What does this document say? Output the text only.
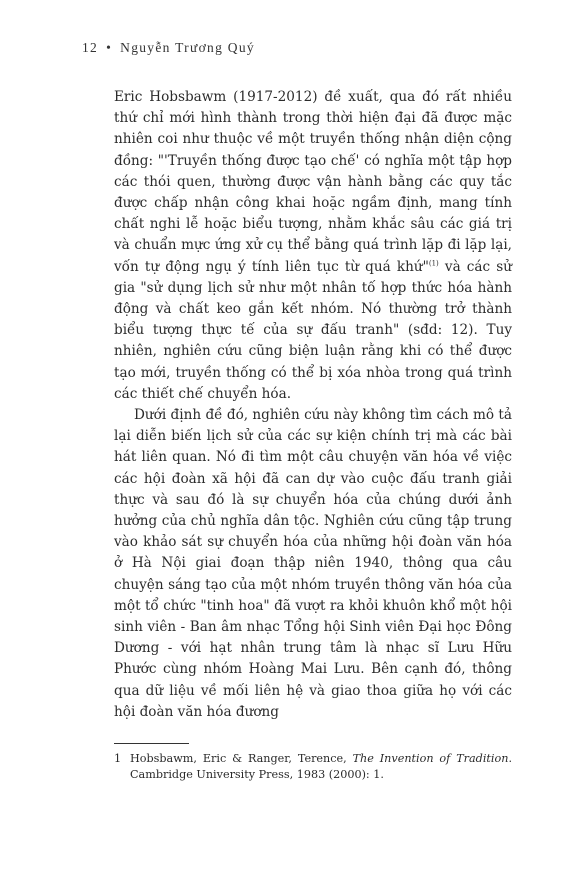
12 • Nguyễn Trương Quý

Eric Hobsbawm (1917-2012) đề xuất, qua đó rất nhiều thứ chỉ mới hình thành trong thời hiện đại đã được mặc nhiên coi như thuộc về một truyền thống nhận diện cộng đồng: "'Truyền thống được tạo chế' có nghĩa một tập hợp các thói quen, thường được vận hành bằng các quy tắc được chấp nhận công khai hoặc ngầm định, mang tính chất nghi lễ hoặc biểu tượng, nhằm khắc sâu các giá trị và chuẩn mực ứng xử cụ thể bằng quá trình lặp đi lặp lại, vốn tự động ngụ ý tính liên tục từ quá khứ"$^{(1)}$ và các sử gia "sử dụng lịch sử như một nhân tố hợp thức hóa hành động và chất keo gắn kết nhóm. Nó thường trở thành biểu tượng thực tế của sự đấu tranh" (sđd: 12). Tuy nhiên, nghiên cứu cũng biện luận rằng khi có thể được tạo mới, truyền thống có thể bị xóa nhòa trong quá trình các thiết chế chuyển hóa.

Dưới định đề đó, nghiên cứu này không tìm cách mô tả lại diễn biến lịch sử của các sự kiện chính trị mà các bài hát liên quan. Nó đi tìm một câu chuyện văn hóa về việc các hội đoàn xã hội đã can dự vào cuộc đấu tranh giải thực và sau đó là sự chuyển hóa của chúng dưới ảnh hưởng của chủ nghĩa dân tộc. Nghiên cứu cũng tập trung vào khảo sát sự chuyển hóa của những hội đoàn văn hóa ở Hà Nội giai đoạn thập niên 1940, thông qua câu chuyện sáng tạo của một nhóm truyền thông văn hóa của một tổ chức "tinh hoa" đã vượt ra khỏi khuôn khổ một hội sinh viên - Ban âm nhạc Tổng hội Sinh viên Đại học Đông Dương - với hạt nhân trung tâm là nhạc sĩ Lưu Hữu Phước cùng nhóm Hoàng Mai Lưu. Bên cạnh đó, thông qua dữ liệu về mối liên hệ và giao thoa giữa họ với các hội đoàn văn hóa đương

1 Hobsbawm, Eric & Ranger, Terence, The Invention of Tradition. Cambridge University Press, 1983 (2000): 1.
